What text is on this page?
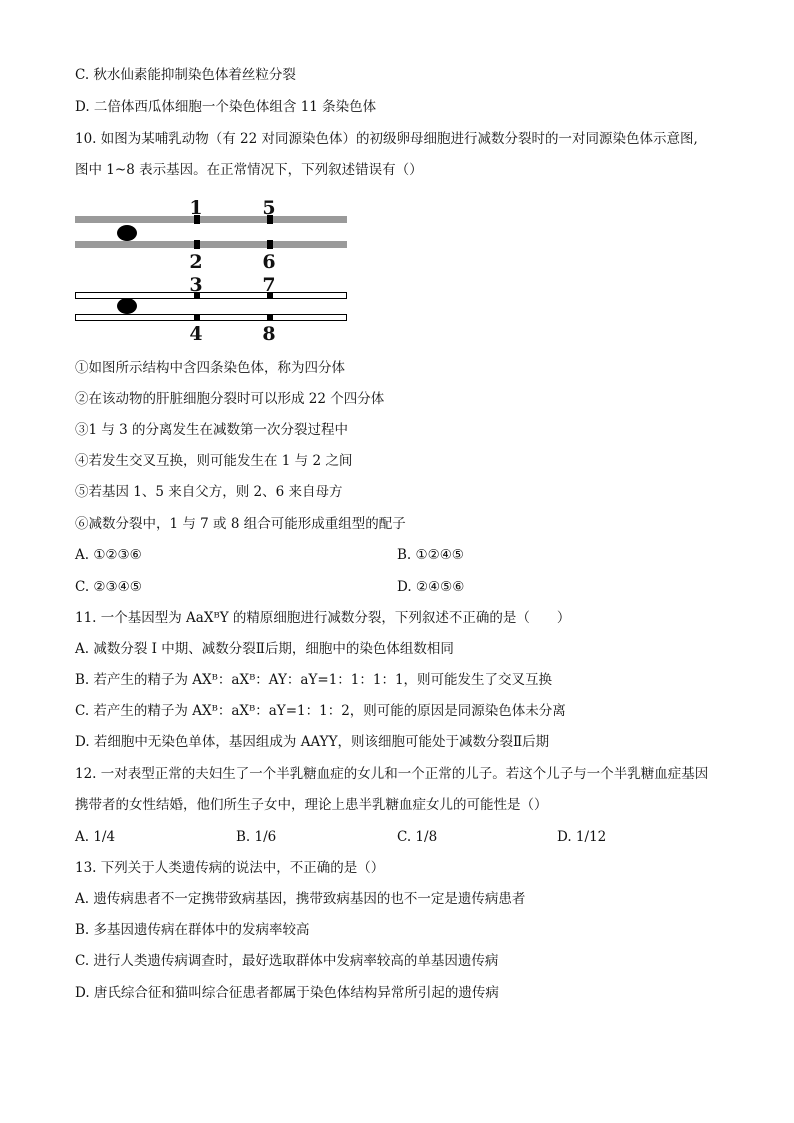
C. 秋水仙素能抑制染色体着丝粒分裂
D. 二倍体西瓜体细胞一个染色体组含 11 条染色体
10. 如图为某哺乳动物（有 22 对同源染色体）的初级卵母细胞进行减数分裂时的一对同源染色体示意图,
图中 1~8 表示基因。在正常情况下，下列叙述错误有（）
1	5
2	6
3	7
4	8
①如图所示结构中含四条染色体，称为四分体
②在该动物的肝脏细胞分裂时可以形成 22 个四分体
③1 与 3 的分离发生在减数第一次分裂过程中
④若发生交叉互换，则可能发生在 1 与 2 之间
⑤若基因 1、5 来自父方，则 2、6 来自母方
⑥减数分裂中，1 与 7 或 8 组合可能形成重组型的配子
A. ①②③⑥	B. ①②④⑤
C. ②③④⑤	D. ②④⑤⑥
11. 一个基因型为 AaXᴮY 的精原细胞进行减数分裂，下列叙述不正确的是（　　）
A. 减数分裂 I 中期、减数分裂Ⅱ后期，细胞中的染色体组数相同
B. 若产生的精子为 AXᴮ：aXᴮ：AY：aY=1：1：1：1，则可能发生了交叉互换
C. 若产生的精子为 AXᴮ：aXᴮ：aY=1：1：2，则可能的原因是同源染色体未分离
D. 若细胞中无染色单体，基因组成为 AAYY，则该细胞可能处于减数分裂Ⅱ后期
12. 一对表型正常的夫妇生了一个半乳糖血症的女儿和一个正常的儿子。若这个儿子与一个半乳糖血症基因
携带者的女性结婚，他们所生子女中，理论上患半乳糖血症女儿的可能性是（）
A. 1/4	B. 1/6	C. 1/8	D. 1/12
13. 下列关于人类遗传病的说法中，不正确的是（）
A. 遗传病患者不一定携带致病基因，携带致病基因的也不一定是遗传病患者
B. 多基因遗传病在群体中的发病率较高
C. 进行人类遗传病调查时，最好选取群体中发病率较高的单基因遗传病
D. 唐氏综合征和猫叫综合征患者都属于染色体结构异常所引起的遗传病
